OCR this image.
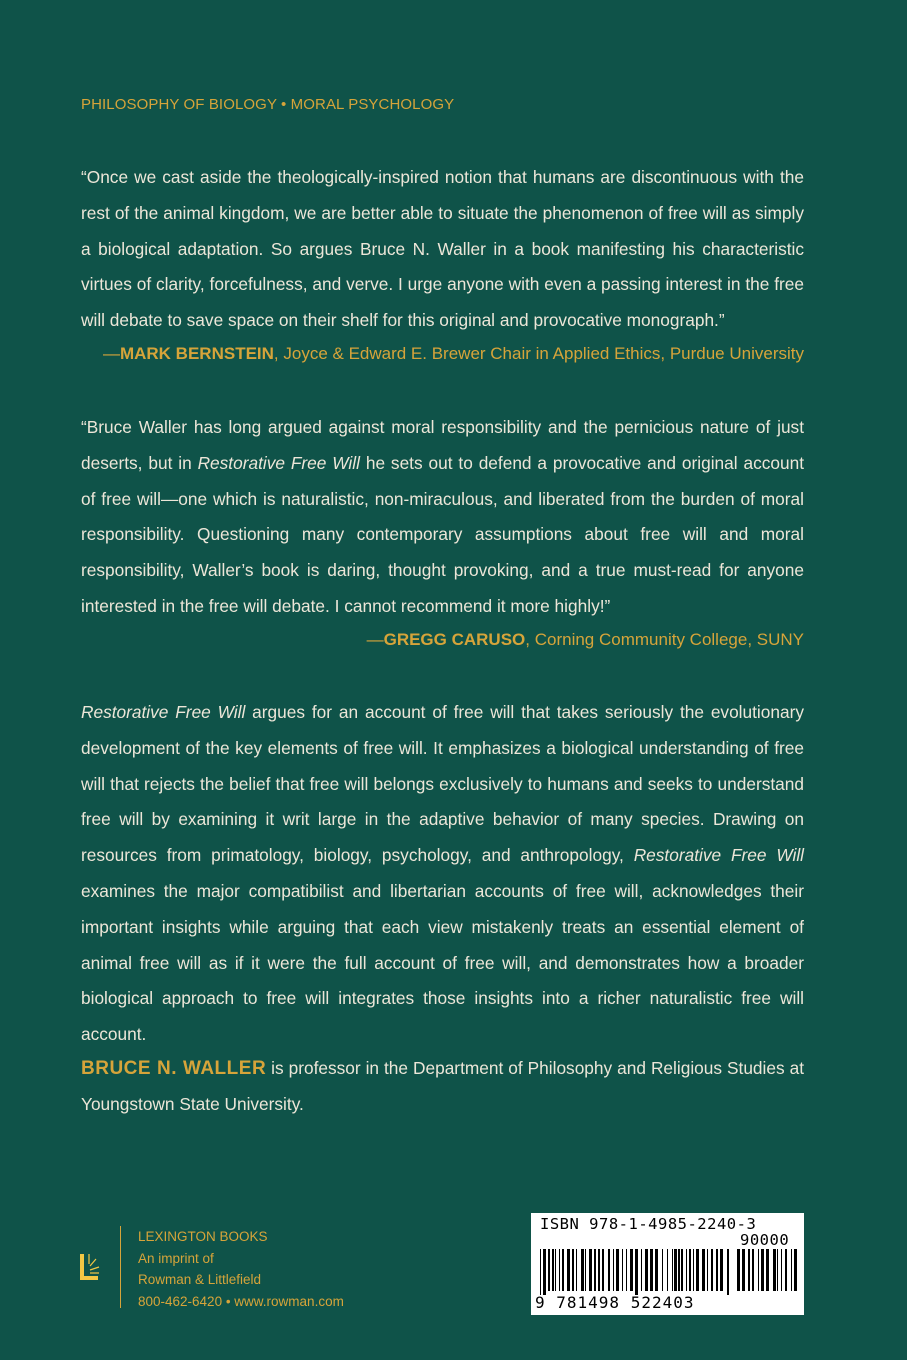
PHILOSOPHY OF BIOLOGY • MORAL PSYCHOLOGY

“Once we cast aside the theologically-inspired notion that humans are discontinuous with the rest of the animal kingdom, we are better able to situate the phenomenon of free will as simply a biological adaptation. So argues Bruce N. Waller in a book manifesting his characteristic virtues of clarity, forcefulness, and verve. I urge anyone with even a passing interest in the free will debate to save space on their shelf for this original and provocative monograph.”

—MARK BERNSTEIN, Joyce & Edward E. Brewer Chair in Applied Ethics, Purdue University

“Bruce Waller has long argued against moral responsibility and the pernicious nature of just deserts, but in Restorative Free Will he sets out to defend a provocative and original account of free will—one which is naturalistic, non-miraculous, and liberated from the burden of moral responsibility. Questioning many contemporary assumptions about free will and moral responsibility, Waller’s book is daring, thought provoking, and a true must-read for anyone interested in the free will debate. I cannot recommend it more highly!”

—GREGG CARUSO, Corning Community College, SUNY

Restorative Free Will argues for an account of free will that takes seriously the evolutionary development of the key elements of free will. It emphasizes a biological understanding of free will that rejects the belief that free will belongs exclusively to humans and seeks to understand free will by examining it writ large in the adaptive behavior of many species. Drawing on resources from primatology, biology, psychology, and anthropology, Restorative Free Will examines the major compatibilist and libertarian accounts of free will, acknowledges their important insights while arguing that each view mistakenly treats an essential element of animal free will as if it were the full account of free will, and demonstrates how a broader biological approach to free will integrates those insights into a richer naturalistic free will account.

BRUCE N. WALLER is professor in the Department of Philosophy and Religious Studies at Youngstown State University.

LEXINGTON BOOKS
An imprint of
Rowman & Littlefield
800-462-6420 • www.rowman.com
ISBN 978-1-4985-2240-3
90000
9 781498 522403
